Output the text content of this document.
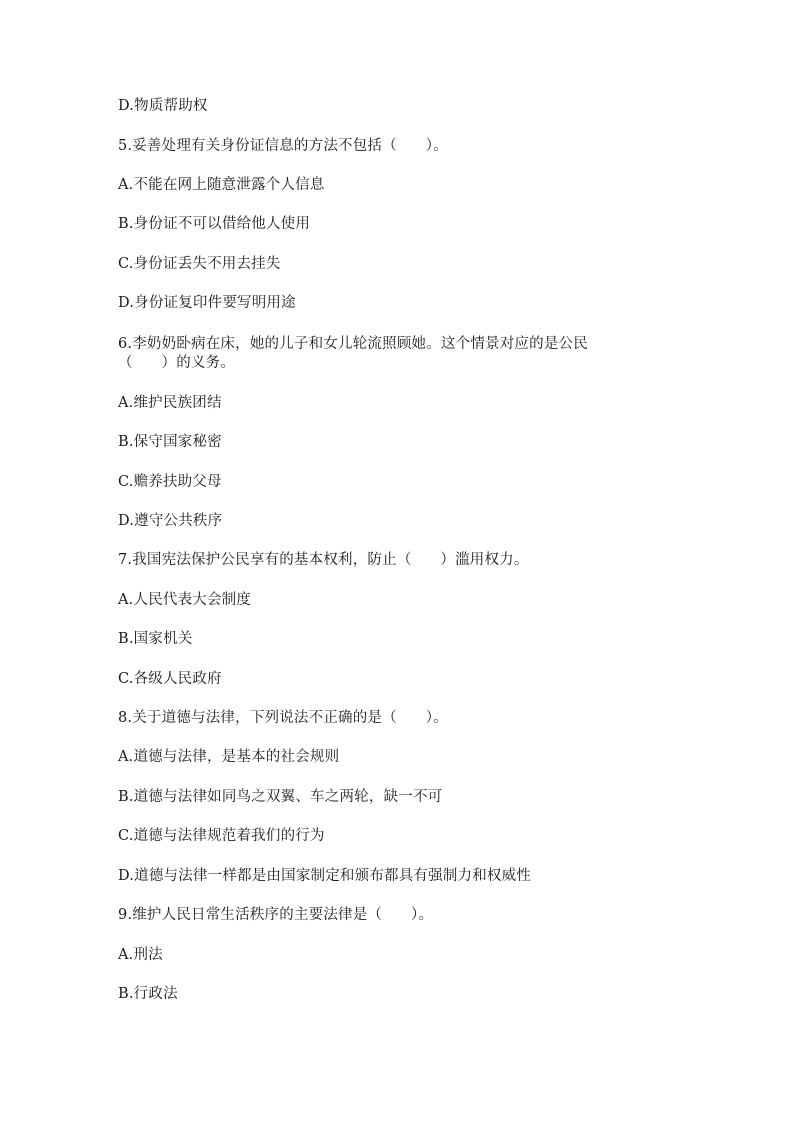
D.物质帮助权
5.妥善处理有关身份证信息的方法不包括（      ）。
A.不能在网上随意泄露个人信息
B.身份证不可以借给他人使用
C.身份证丢失不用去挂失
D.身份证复印件要写明用途
6.李奶奶卧病在床，她的儿子和女儿轮流照顾她。这个情景对应的是公民
（      ）的义务。
A.维护民族团结
B.保守国家秘密
C.赡养扶助父母
D.遵守公共秩序
7.我国宪法保护公民享有的基本权利，防止（      ）滥用权力。
A.人民代表大会制度
B.国家机关
C.各级人民政府
8.关于道德与法律，下列说法不正确的是（      ）。
A.道德与法律，是基本的社会规则
B.道德与法律如同鸟之双翼、车之两轮，缺一不可
C.道德与法律规范着我们的行为
D.道德与法律一样都是由国家制定和颁布都具有强制力和权威性
9.维护人民日常生活秩序的主要法律是（      ）。
A.刑法
B.行政法
